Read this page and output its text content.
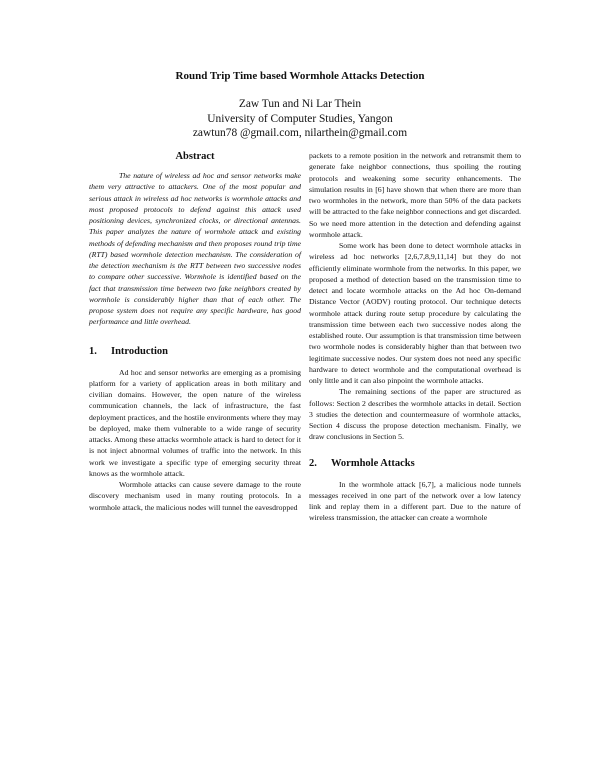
Round Trip Time based Wormhole Attacks Detection
Zaw Tun and Ni Lar Thein
University of Computer Studies, Yangon
zawtun78 @gmail.com, nilarthein@gmail.com
Abstract

The nature of wireless ad hoc and sensor networks make them very attractive to attackers. One of the most popular and serious attack in wireless ad hoc networks is wormhole attacks and most proposed protocols to defend against this attack used positioning devices, synchronized clocks, or directional antennas. This paper analyzes the nature of wormhole attack and existing methods of defending mechanism and then proposes round trip time (RTT) based wormhole detection mechanism. The consideration of the detection mechanism is the RTT between two successive nodes to compare other successive. Wormhole is identified based on the fact that transmission time between two fake neighbors created by wormhole is considerably higher than that of each other. The propose system does not require any specific hardware, has good performance and little overhead.

1. Introduction

Ad hoc and sensor networks are emerging as a promising platform for a variety of application areas in both military and civilian domains. However, the open nature of the wireless communication channels, the lack of infrastructure, the fast deployment practices, and the hostile environments where they may be deployed, make them vulnerable to a wide range of security attacks. Among these attacks wormhole attack is hard to detect for it is not inject abnormal volumes of traffic into the network. In this work we investigate a specific type of emerging security threat knows as the wormhole attack.

Wormhole attacks can cause severe damage to the route discovery mechanism used in many routing protocols. In a wormhole attack, the malicious nodes will tunnel the eavesdropped

packets to a remote position in the network and retransmit them to generate fake neighbor connections, thus spoiling the routing protocols and weakening some security enhancements. The simulation results in [6] have shown that when there are more than two wormholes in the network, more than 50% of the data packets will be attracted to the fake neighbor connections and get discarded. So we need more attention in the detection and defending against wormhole attack.

Some work has been done to detect wormhole attacks in wireless ad hoc networks [2,6,7,8,9,11,14] but they do not efficiently eliminate wormhole from the networks. In this paper, we proposed a method of detection based on the transmission time to detect and locate wormhole attacks on the Ad hoc On-demand Distance Vector (AODV) routing protocol. Our technique detects wormhole attack during route setup procedure by calculating the transmission time between each two successive nodes along the established route. Our assumption is that transmission time between two wormhole nodes is considerably higher than that between two legitimate successive nodes. Our system does not need any specific hardware to detect wormhole and the computational overhead is only little and it can also pinpoint the wormhole attacks.

The remaining sections of the paper are structured as follows: Section 2 describes the wormhole attacks in detail. Section 3 studies the detection and countermeasure of wormhole attacks, Section 4 discuss the propose detection mechanism. Finally, we draw conclusions in Section 5.

2. Wormhole Attacks

In the wormhole attack [6,7], a malicious node tunnels messages received in one part of the network over a low latency link and replay them in a different part. Due to the nature of wireless transmission, the attacker can create a wormhole
